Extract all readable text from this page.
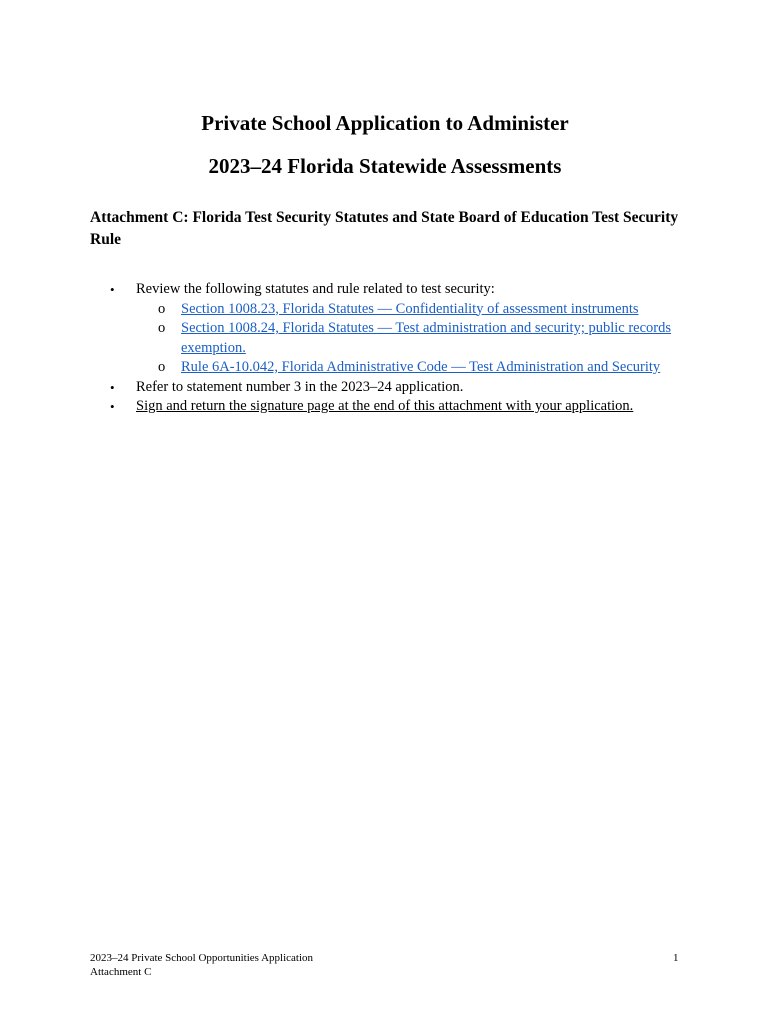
Private School Application to Administer
2023–24 Florida Statewide Assessments

Attachment C: Florida Test Security Statutes and State Board of Education Test Security Rule

• Review the following statutes and rule related to test security:
o Section 1008.23, Florida Statutes — Confidentiality of assessment instruments
o Section 1008.24, Florida Statutes — Test administration and security; public records exemption.
o Rule 6A-10.042, Florida Administrative Code — Test Administration and Security
• Refer to statement number 3 in the 2023–24 application.
• Sign and return the signature page at the end of this attachment with your application.
2023–24 Private School Opportunities Application
Attachment C
1
